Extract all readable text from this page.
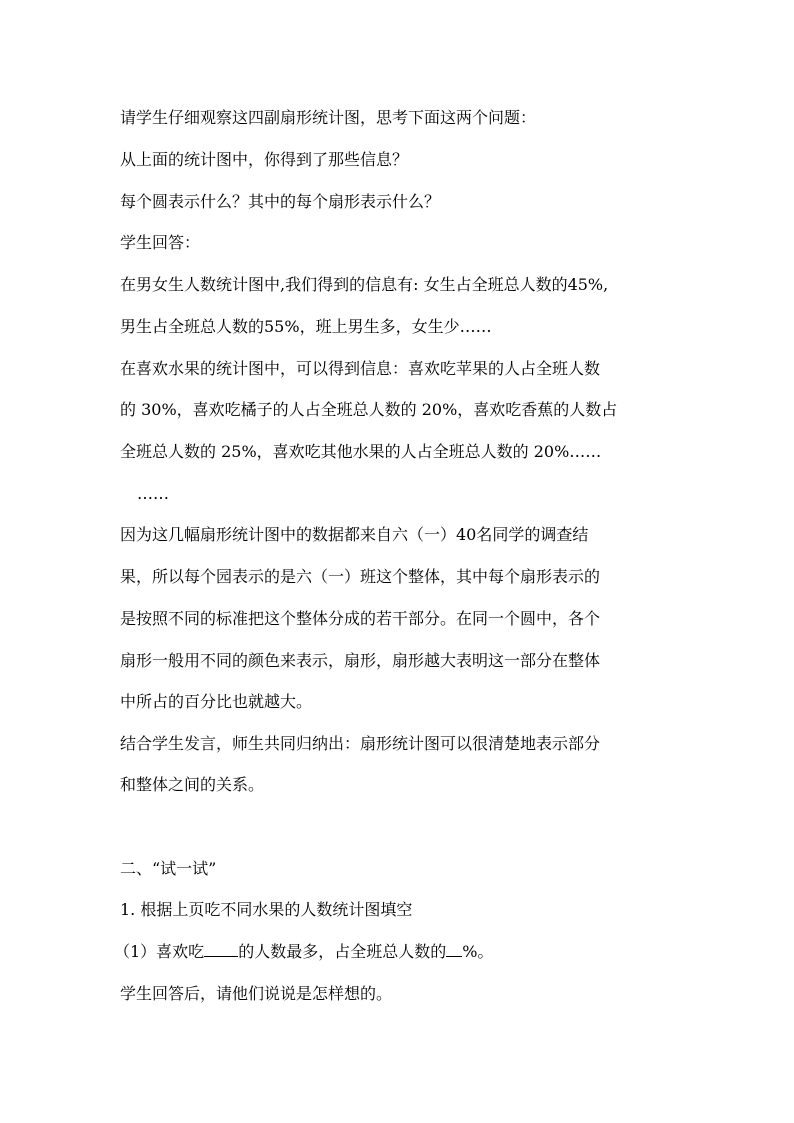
请学生仔细观察这四副扇形统计图，思考下面这两个问题：
从上面的统计图中，你得到了那些信息？
每个圆表示什么？其中的每个扇形表示什么？
学生回答：
在男女生人数统计图中,我们得到的信息有: 女生占全班总人数的45%,
男生占全班总人数的55%，班上男生多，女生少……
在喜欢水果的统计图中，可以得到信息：喜欢吃苹果的人占全班人数
的 30%，喜欢吃橘子的人占全班总人数的 20%，喜欢吃香蕉的人数占
全班总人数的 25%，喜欢吃其他水果的人占全班总人数的 20%……
……
因为这几幅扇形统计图中的数据都来自六（一）40名同学的调查结
果，所以每个园表示的是六（一）班这个整体，其中每个扇形表示的
是按照不同的标准把这个整体分成的若干部分。在同一个圆中，各个
扇形一般用不同的颜色来表示，扇形，扇形越大表明这一部分在整体
中所占的百分比也就越大。
结合学生发言，师生共同归纳出：扇形统计图可以很清楚地表示部分
和整体之间的关系。
二、“试一试”
1. 根据上页吃不同水果的人数统计图填空
（1）喜欢吃 的人数最多，占全班总人数的 %。
学生回答后，请他们说说是怎样想的。
